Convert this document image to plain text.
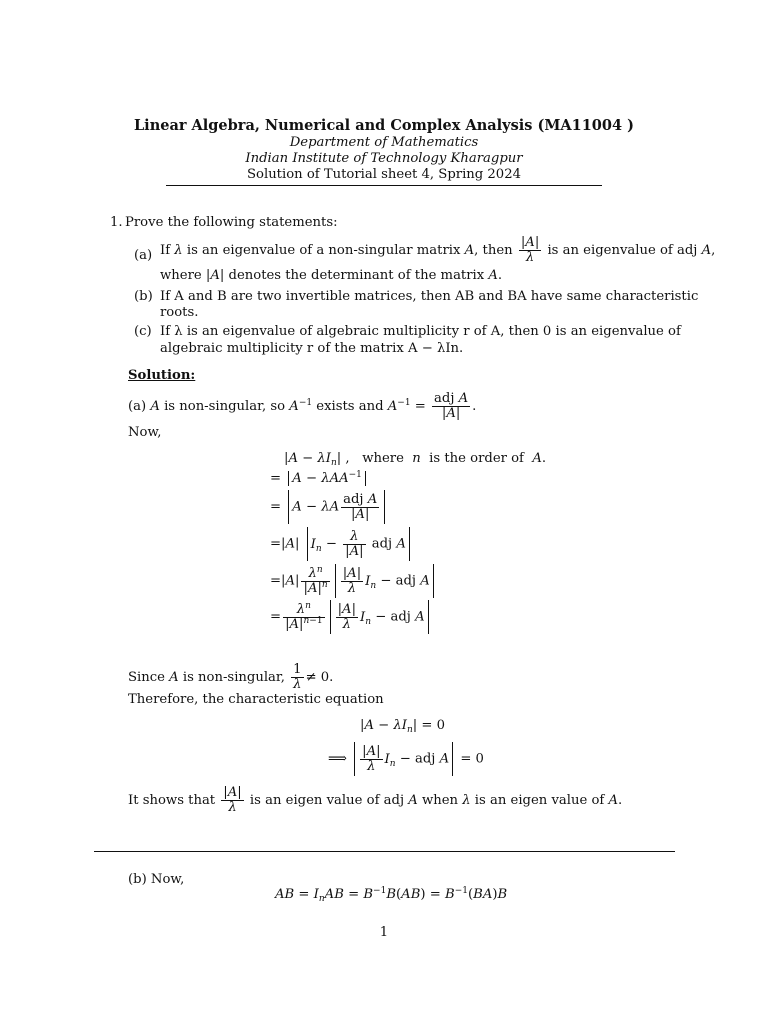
Linear Algebra, Numerical and Complex Analysis (MA11004 )
Department of Mathematics
Indian Institute of Technology Kharagpur
Solution of Tutorial sheet 4, Spring 2024
1. Prove the following statements:
(a) If λ is an eigenvalue of a non-singular matrix A, then $\frac{|A|}{\lambda}$ is an eigenvalue of adj A,
where |A| denotes the determinant of the matrix A.
(b) If A and B are two invertible matrices, then AB and BA have same characteristic
roots.
(c) If λ is an eigenvalue of algebraic multiplicity r of A, then 0 is an eigenvalue of
algebraic multiplicity r of the matrix A − λIn.
Solution:
(a) A is non-singular, so $A^{-1}$ exists and $A^{-1} = \frac{\text{adj A}}{|A|}$ .
Now,
$|A - \lambda I_n|$ ,   where  n  is the order of  A.
= A − λAA$^{-1}$
= A − λA $\frac{\text{adj A}}{|A|}$
=|A| $I_n - \frac{\lambda}{|A|}$ adj A
$=|A| \frac{\lambda^n}{|A|^n} \frac{|A|}{\lambda} I_n$ − adj A
= $\frac{\lambda^n}{|A|^{n-1}} \frac{|A|}{\lambda} I_n$ − adj A
Since A is non-singular, $\frac{1}{\lambda} \ne 0$.
Therefore, the characteristic equation
$|A - \lambda I_n| = 0$
⟹ $\frac{|A|}{\lambda} I_n$ − adj A = 0
It shows that $\frac{|A|}{\lambda}$ is an eigen value of adj A when λ is an eigen value of A.
(b) Now,
AB = $I_nAB = B^{-1}B(AB) = B^{-1}(BA)B$
1
